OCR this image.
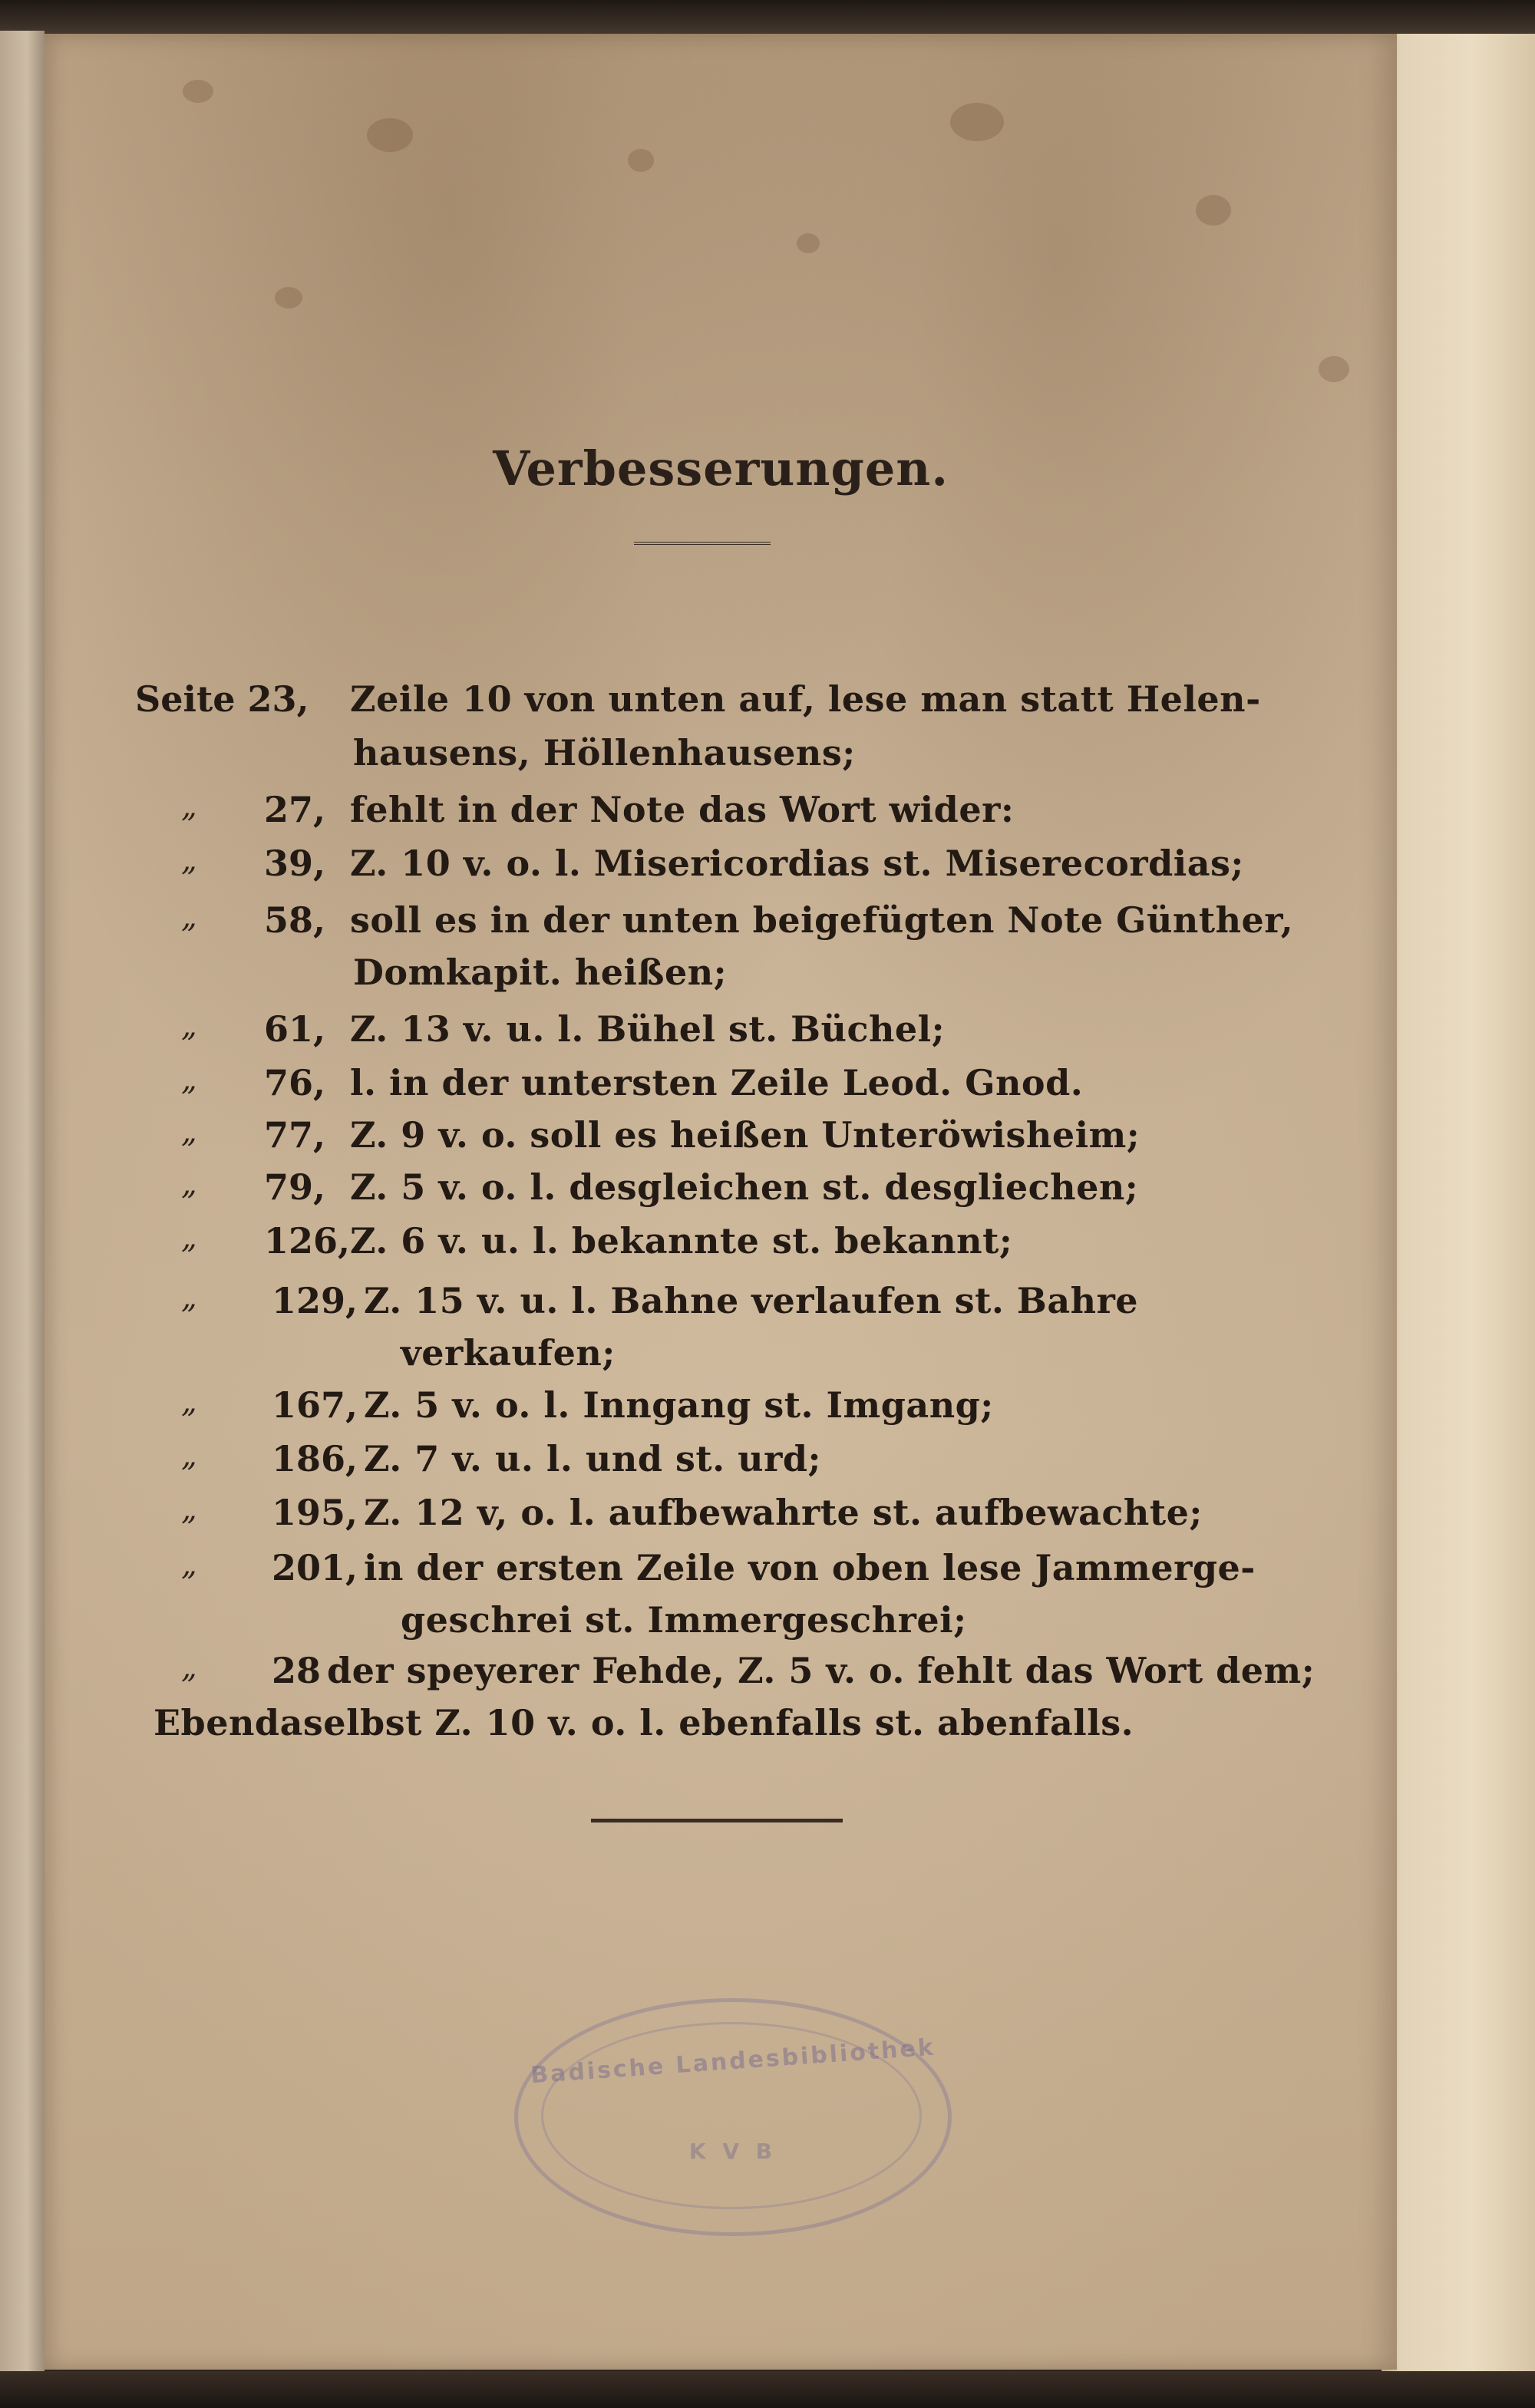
Verbesserungen.
Seite 23, Zeile 10 von unten auf, lese man statt Helen-
hausens, Höllenhausens;
„ 27, fehlt in der Note das Wort wider:
„ 39, Z. 10 v. o. l. Misericordias st. Miserecordias;
„ 58, soll es in der unten beigefügten Note Günther,
Domkapit. heißen;
„ 61, Z. 13 v. u. l. Bühel st. Büchel;
„ 76, l. in der untersten Zeile Leod. Gnod.
„ 77, Z. 9 v. o. soll es heißen Unteröwisheim;
„ 79, Z. 5 v. o. l. desgleichen st. desgliechen;
„ 126, Z. 6 v. u. l. bekannte st. bekannt;
„ 129, Z. 15 v. u. l. Bahne verlaufen st. Bahre
verkaufen;
„ 167, Z. 5 v. o. l. Inngang st. Imgang;
„ 186, Z. 7 v. u. l. und st. urd;
„ 195, Z. 12 v, o. l. aufbewahrte st. aufbewachte;
„ 201, in der ersten Zeile von oben lese Jammerge-
geschrei st. Immergeschrei;
„ 28 der speyerer Fehde, Z. 5 v. o. fehlt das Wort dem;
Ebendaselbst Z. 10 v. o. l. ebenfalls st. abenfalls.
Badische Landesbibliothek
K V B
